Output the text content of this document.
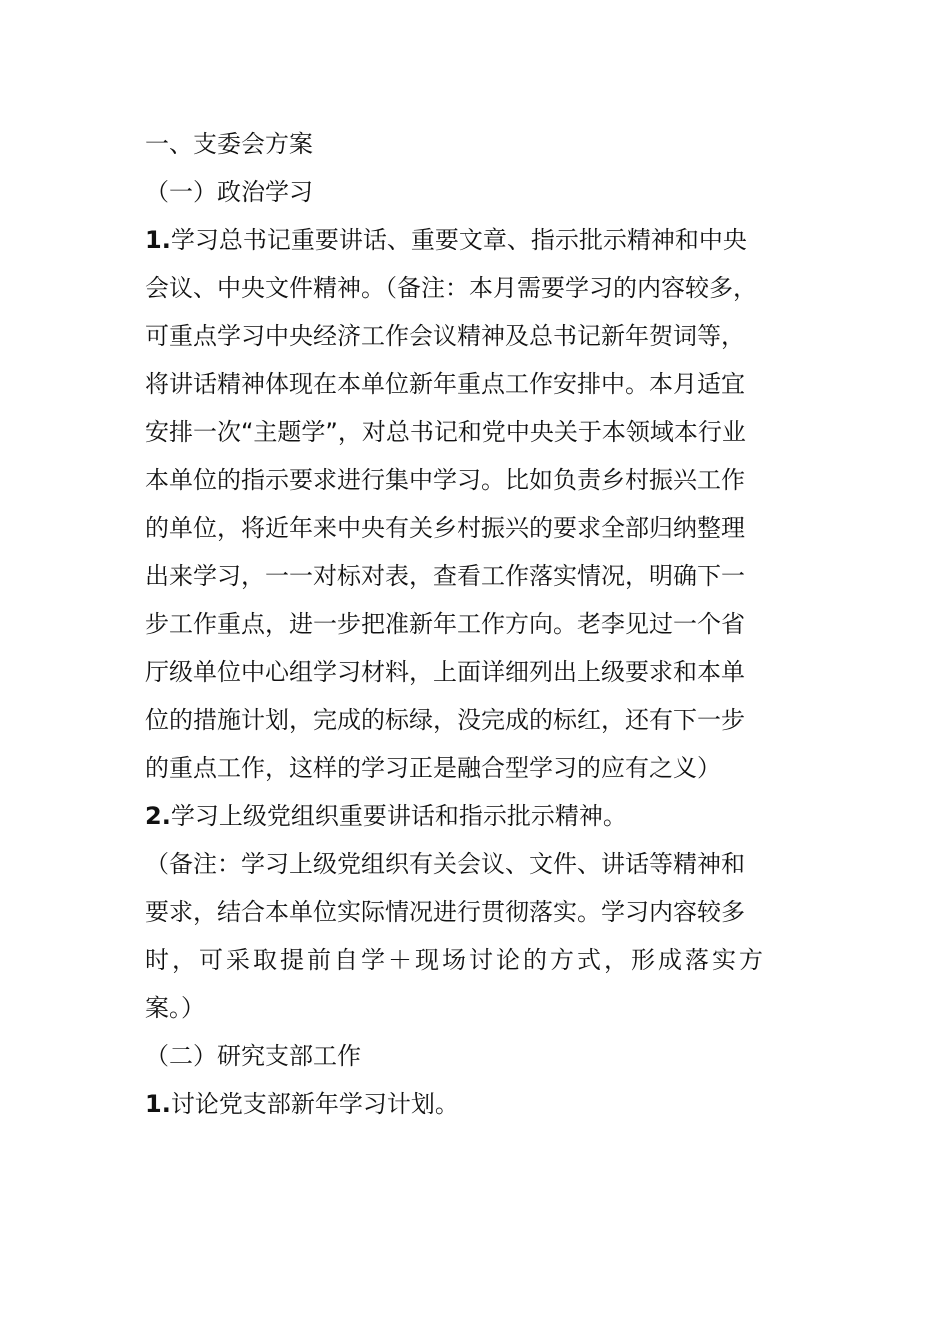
一、支委会方案
（一）政治学习
1.学习总书记重要讲话、重要文章、指示批示精神和中央
会议、中央文件精神。（备注：本月需要学习的内容较多，
可重点学习中央经济工作会议精神及总书记新年贺词等，
将讲话精神体现在本单位新年重点工作安排中。本月适宜
安排一次“主题学”，对总书记和党中央关于本领域本行业
本单位的指示要求进行集中学习。比如负责乡村振兴工作
的单位，将近年来中央有关乡村振兴的要求全部归纳整理
出来学习，一一对标对表，查看工作落实情况，明确下一
步工作重点，进一步把准新年工作方向。老李见过一个省
厅级单位中心组学习材料，上面详细列出上级要求和本单
位的措施计划，完成的标绿，没完成的标红，还有下一步
的重点工作，这样的学习正是融合型学习的应有之义）
2.学习上级党组织重要讲话和指示批示精神。
（备注：学习上级党组织有关会议、文件、讲话等精神和
要求，结合本单位实际情况进行贯彻落实。学习内容较多
时，可采取提前自学＋现场讨论的方式，形成落实方
案。）
（二）研究支部工作
1.讨论党支部新年学习计划。
